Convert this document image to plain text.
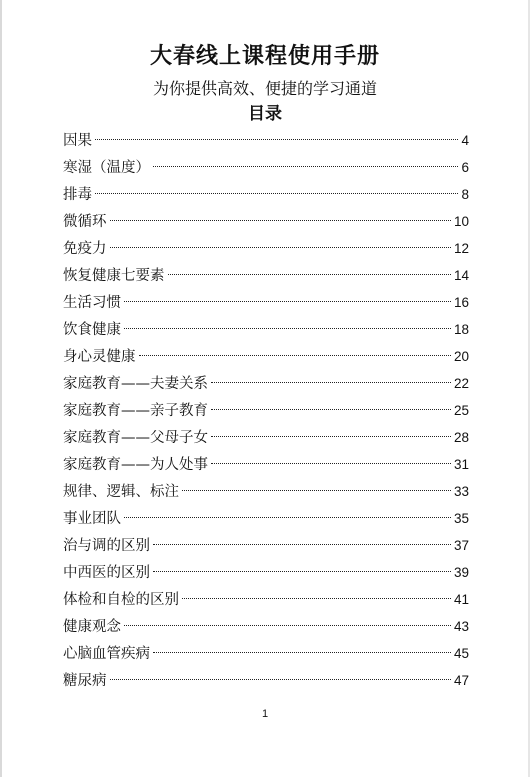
大春线上课程使用手册
为你提供高效、便捷的学习通道
目录
因果	4
寒湿（温度）	6
排毒	8
微循环	10
免疫力	12
恢复健康七要素	14
生活习惯	16
饮食健康	18
身心灵健康	20
家庭教育——夫妻关系	22
家庭教育——亲子教育	25
家庭教育——父母子女	28
家庭教育——为人处事	31
规律、逻辑、标注	33
事业团队	35
治与调的区别	37
中西医的区别	39
体检和自检的区别	41
健康观念	43
心脑血管疾病	45
糖尿病	47
1
